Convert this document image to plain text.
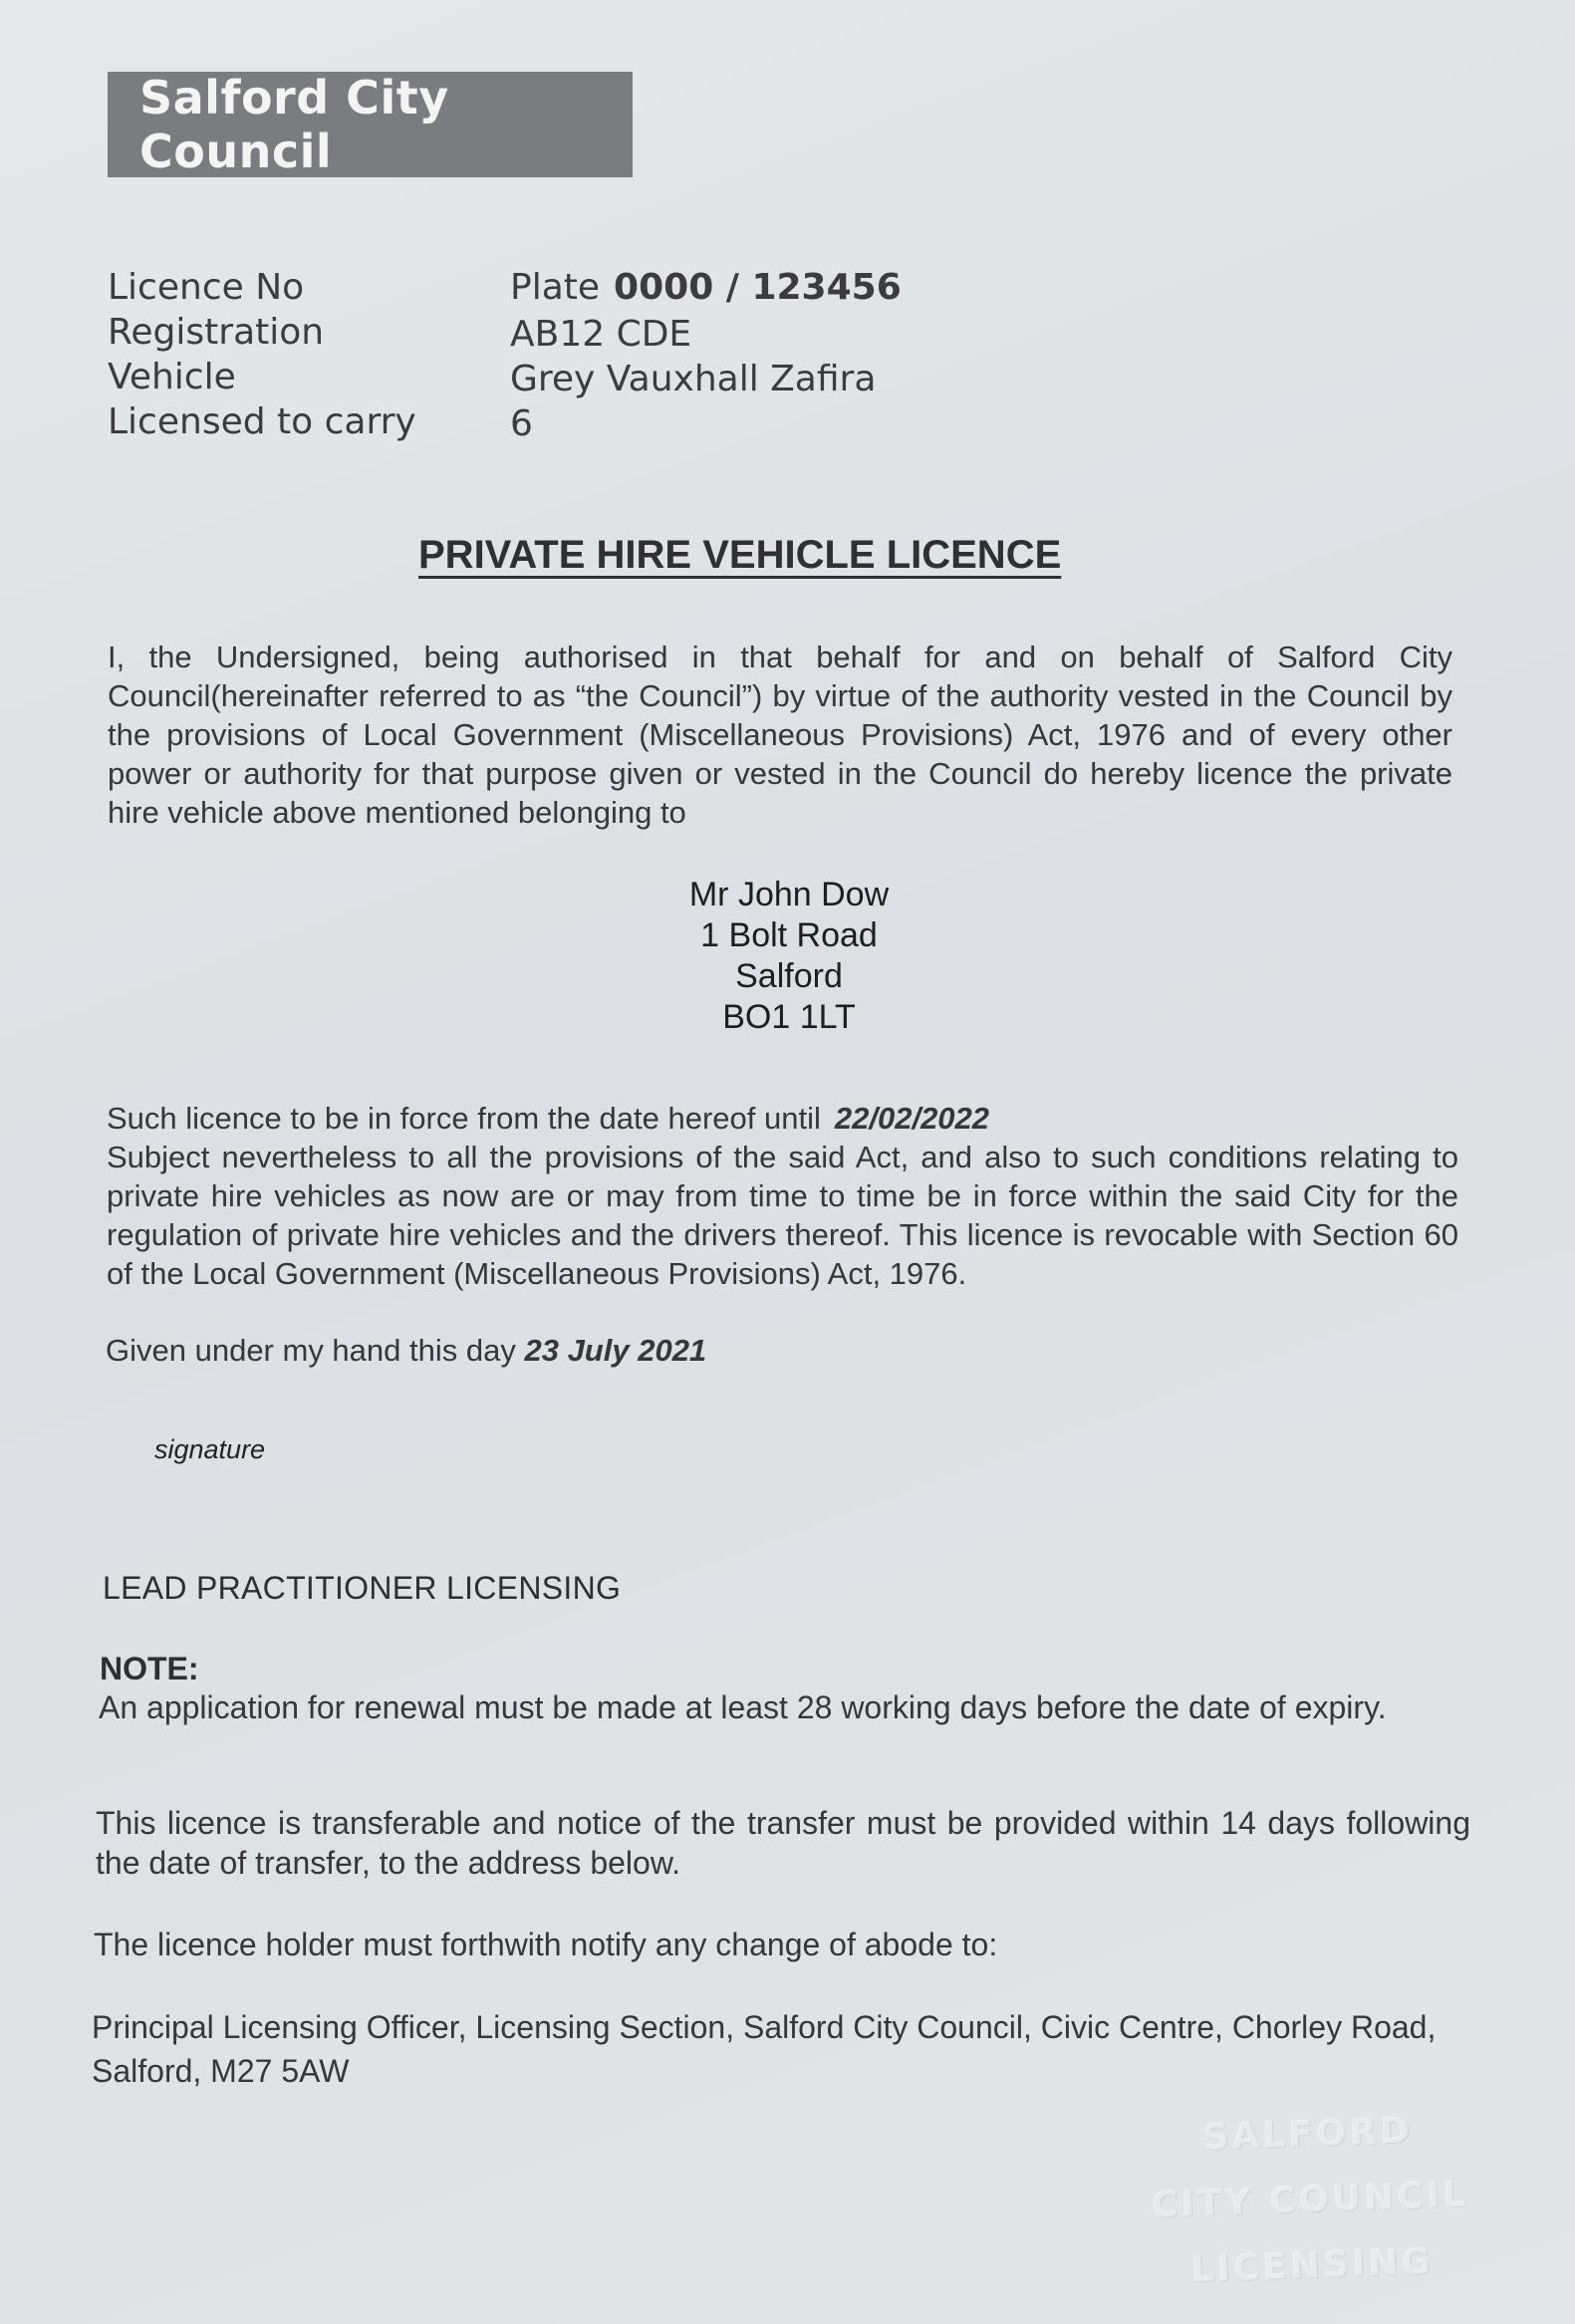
Salford City Council
Licence No	Plate 0000 / 123456
Registration	AB12 CDE
Vehicle	Grey Vauxhall Zafira
Licensed to carry	6
PRIVATE HIRE VEHICLE LICENCE
I, the Undersigned, being authorised in that behalf for and on behalf of Salford City Council(hereinafter referred to as “the Council”) by virtue of the authority vested in the Council by the provisions of Local Government (Miscellaneous Provisions) Act, 1976 and of every other power or authority for that purpose given or vested in the Council do hereby licence the private hire vehicle above mentioned belonging to
Mr John Dow
1 Bolt Road
Salford
BO1 1LT
Such licence to be in force from the date hereof until 22/02/2022
Subject nevertheless to all the provisions of the said Act, and also to such conditions relating to private hire vehicles as now are or may from time to time be in force within the said City for the regulation of private hire vehicles and the drivers thereof. This licence is revocable with Section 60 of the Local Government (Miscellaneous Provisions) Act, 1976.
Given under my hand this day 23 July 2021
signature
LEAD PRACTITIONER LICENSING
NOTE:
An application for renewal must be made at least 28 working days before the date of expiry.
This licence is transferable and notice of the transfer must be provided within 14 days following the date of transfer, to the address below.
The licence holder must forthwith notify any change of abode to:
Principal Licensing Officer, Licensing Section, Salford City Council, Civic Centre, Chorley Road, Salford, M27 5AW
SALFORD
CITY COUNCIL
LICENSING
